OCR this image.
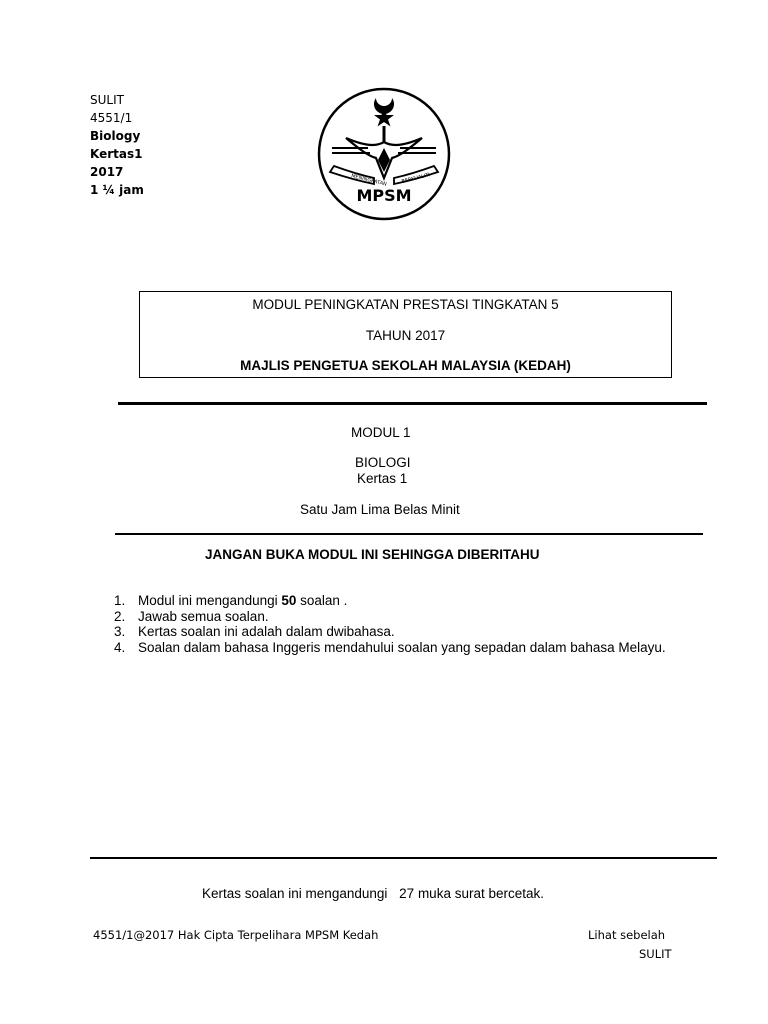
SULIT
4551/1
Biology
Kertas1
2017
1 ¼ jam
MENINGKATAN	BERKUALITI
MPSM
MODUL PENINGKATAN PRESTASI TINGKATAN 5
TAHUN 2017
MAJLIS PENGETUA SEKOLAH MALAYSIA (KEDAH)
MODUL 1
BIOLOGI
Kertas 1
Satu Jam Lima Belas Minit
JANGAN BUKA MODUL INI SEHINGGA DIBERITAHU
1. Modul ini mengandungi 50 soalan .
2. Jawab semua soalan.
3. Kertas soalan ini adalah dalam dwibahasa.
4. Soalan dalam bahasa Inggeris mendahului soalan yang sepadan dalam bahasa Melayu.
Kertas soalan ini mengandungi 27 muka surat bercetak.
4551/1@2017 Hak Cipta Terpelihara MPSM Kedah	Lihat sebelah
SULIT
